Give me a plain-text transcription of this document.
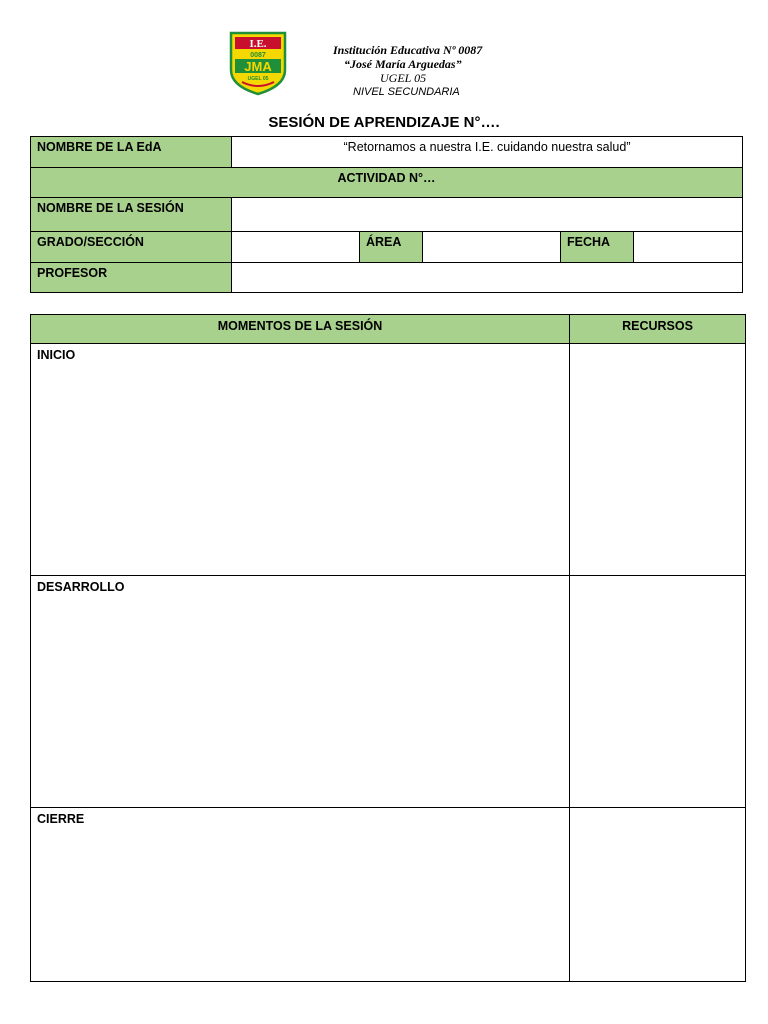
I.E.
0087
JMA
UGEL 05
Institución Educativa Nº 0087
“José María Arguedas”
UGEL 05
NIVEL SECUNDARIA
SESIÓN DE APRENDIZAJE N°….
NOMBRE DE LA EdA	“Retornamos a nuestra I.E. cuidando nuestra salud”
ACTIVIDAD N°…
NOMBRE DE LA SESIÓN
GRADO/SECCIÓN	ÁREA	FECHA
PROFESOR
MOMENTOS DE LA SESIÓN	RECURSOS
INICIO
DESARROLLO
CIERRE
